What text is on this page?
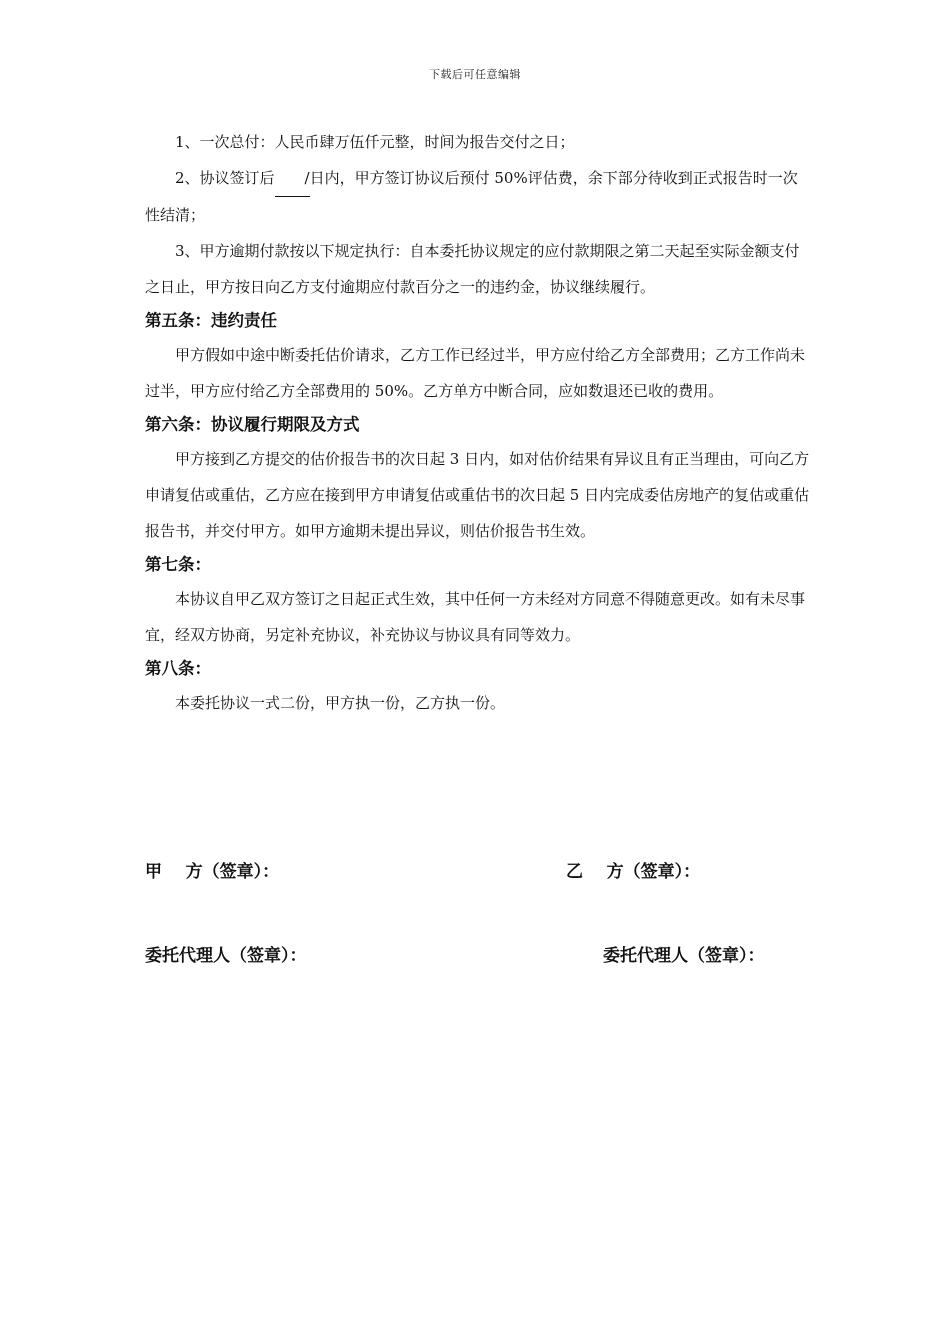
下载后可任意编辑

1、一次总付：人民币肆万伍仟元整，时间为报告交付之日；

2、协议签订后 /日内，甲方签订协议后预付 50%评估费，余下部分待收到正式报告时一次性结清；

3、甲方逾期付款按以下规定执行：自本委托协议规定的应付款期限之第二天起至实际金额支付之日止，甲方按日向乙方支付逾期应付款百分之一的违约金，协议继续履行。

第五条：违约责任

甲方假如中途中断委托估价请求，乙方工作已经过半，甲方应付给乙方全部费用；乙方工作尚未过半，甲方应付给乙方全部费用的 50%。乙方单方中断合同，应如数退还已收的费用。

第六条：协议履行期限及方式

甲方接到乙方提交的估价报告书的次日起 3 日内，如对估价结果有异议且有正当理由，可向乙方申请复估或重估，乙方应在接到甲方申请复估或重估书的次日起 5 日内完成委估房地产的复估或重估报告书，并交付甲方。如甲方逾期未提出异议，则估价报告书生效。

第七条：

本协议自甲乙双方签订之日起正式生效，其中任何一方未经对方同意不得随意更改。如有未尽事宜，经双方协商，另定补充协议，补充协议与协议具有同等效力。

第八条：

本委托协议一式二份，甲方执一份，乙方执一份。

甲    方（签章）：	乙    方（签章）：
委托代理人（签章）：	委托代理人（签章）：
